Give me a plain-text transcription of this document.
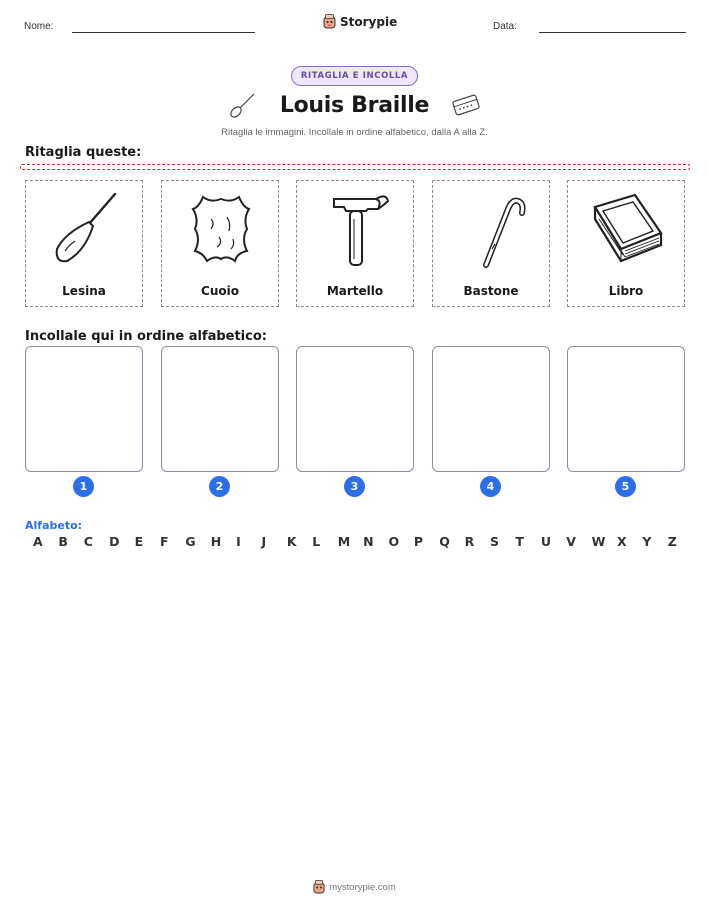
Nome:	Storypie	Data:
RITAGLIA E INCOLLA
Louis Braille
Ritaglia le immagini. Incollale in ordine alfabetico, dalla A alla Z.
Ritaglia queste:
Lesina	Cuoio	Martello	Bastone	Libro
Incollale qui in ordine alfabetico:
1	2	3	4	5
Alfabeto:
A	B	C	D	E	F	G	H	I	J	K	L	M	N	O	P	Q	R	S	T	U	V	W X	Y	Z
mystorypie.com
